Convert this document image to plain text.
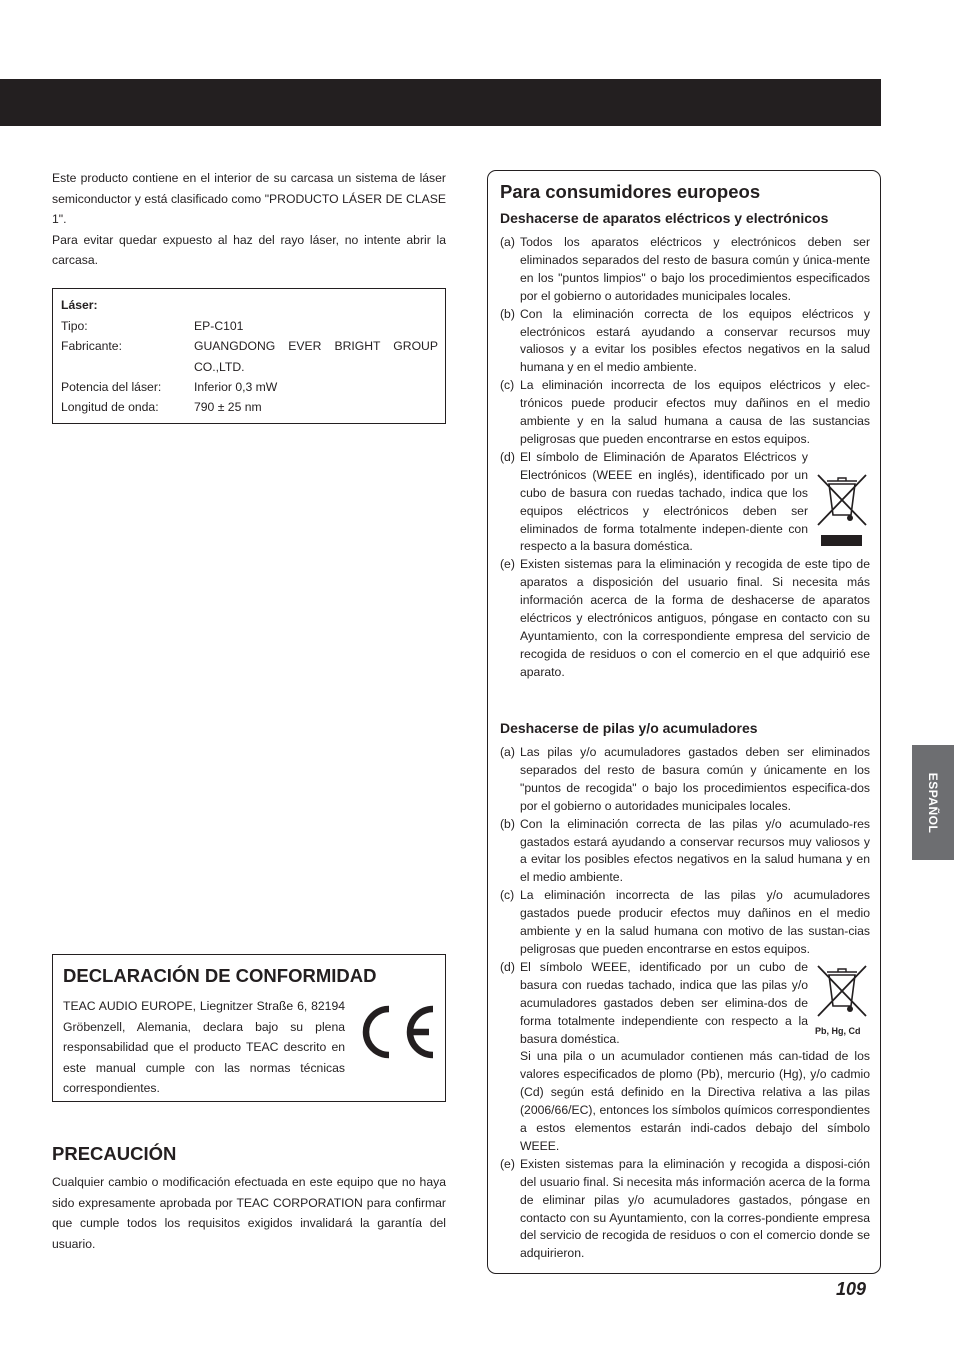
Este producto contiene en el interior de su carcasa un sistema de láser semiconductor y está clasificado como "PRODUCTO LÁSER DE CLASE 1".

Para evitar quedar expuesto al haz del rayo láser, no intente abrir la carcasa.

Láser:
Tipo:	EP-C101
Fabricante:	GUANGDONG EVER BRIGHT GROUP CO.,LTD.
Potencia del láser:	Inferior 0,3 mW
Longitud de onda:	790 ± 25 nm
DECLARACIÓN DE CONFORMIDAD
TEAC AUDIO EUROPE, Liegnitzer Straße 6, 82194 Gröbenzell, Alemania, declara bajo su plena responsabilidad que el producto TEAC descrito en este manual cumple con las normas técnicas correspondientes.
PRECAUCIÓN
Cualquier cambio o modificación efectuada en este equipo que no haya sido expresamente aprobada por TEAC CORPORATION para confirmar que cumple todos los requisitos exigidos invalidará la garantía del usuario.
Para consumidores europeos
Deshacerse de aparatos eléctricos y electrónicos
(a) Todos los aparatos eléctricos y electrónicos deben ser eliminados separados del resto de basura común y única-mente en los "puntos limpios" o bajo los procedimientos especificados por el gobierno o autoridades municipales locales.
(b) Con la eliminación correcta de los equipos eléctricos y electrónicos estará ayudando a conservar recursos muy valiosos y a evitar los posibles efectos negativos en la salud humana y en el medio ambiente.
(c) La eliminación incorrecta de los equipos eléctricos y elec-trónicos puede producir efectos muy dañinos en el medio ambiente y en la salud humana a causa de las sustancias peligrosas que pueden encontrarse en estos equipos.
(d) El símbolo de Eliminación de Aparatos Eléctricos y Electrónicos (WEEE en inglés), identificado por un cubo de basura con ruedas tachado, indica que los equipos eléctricos y electrónicos deben ser eliminados de forma totalmente indepen-diente con respecto a la basura doméstica.
(e) Existen sistemas para la eliminación y recogida de este tipo de aparatos a disposición del usuario final. Si necesita más información acerca de la forma de deshacerse de aparatos eléctricos y electrónicos antiguos, póngase en contacto con su Ayuntamiento, con la correspondiente empresa del servicio de recogida de residuos o con el comercio en el que adquirió ese aparato.
Deshacerse de pilas y/o acumuladores
(a) Las pilas y/o acumuladores gastados deben ser eliminados separados del resto de basura común y únicamente en los "puntos de recogida" o bajo los procedimientos especifica-dos por el gobierno o autoridades municipales locales.
(b) Con la eliminación correcta de las pilas y/o acumulado-res gastados estará ayudando a conservar recursos muy valiosos y a evitar los posibles efectos negativos en la salud humana y en el medio ambiente.
(c) La eliminación incorrecta de las pilas y/o acumuladores gastados puede producir efectos muy dañinos en el medio ambiente y en la salud humana con motivo de las sustan-cias peligrosas que pueden encontrarse en estos equipos.
(d) El símbolo WEEE, identificado por un cubo de basura con ruedas tachado, indica que las pilas y/o acumuladores gastados deben ser elimina-dos de forma totalmente independiente con respecto a la basura doméstica.
Si una pila o un acumulador contienen más can-tidad de los valores especificados de plomo (Pb), mercurio (Hg), y/o cadmio (Cd) según está definido en la Directiva relativa a las pilas (2006/66/EC), entonces los símbolos químicos correspondientes a estos elementos estarán indi-cados debajo del símbolo WEEE.
(e) Existen sistemas para la eliminación y recogida a disposi-ción del usuario final. Si necesita más información acerca de la forma de eliminar pilas y/o acumuladores gastados, póngase en contacto con su Ayuntamiento, con la corres-pondiente empresa del servicio de recogida de residuos o con el comercio donde se adquirieron.
Pb, Hg, Cd
ESPAÑOL
109
